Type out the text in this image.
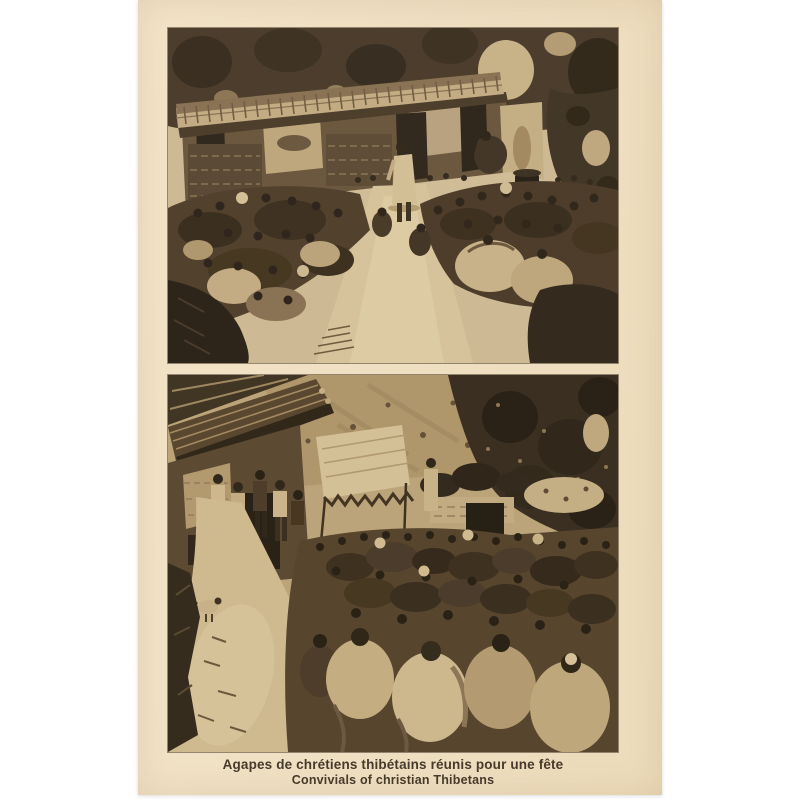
Agapes de chrétiens thibétains réunis pour une fête
Convivials of christian Thibetans
